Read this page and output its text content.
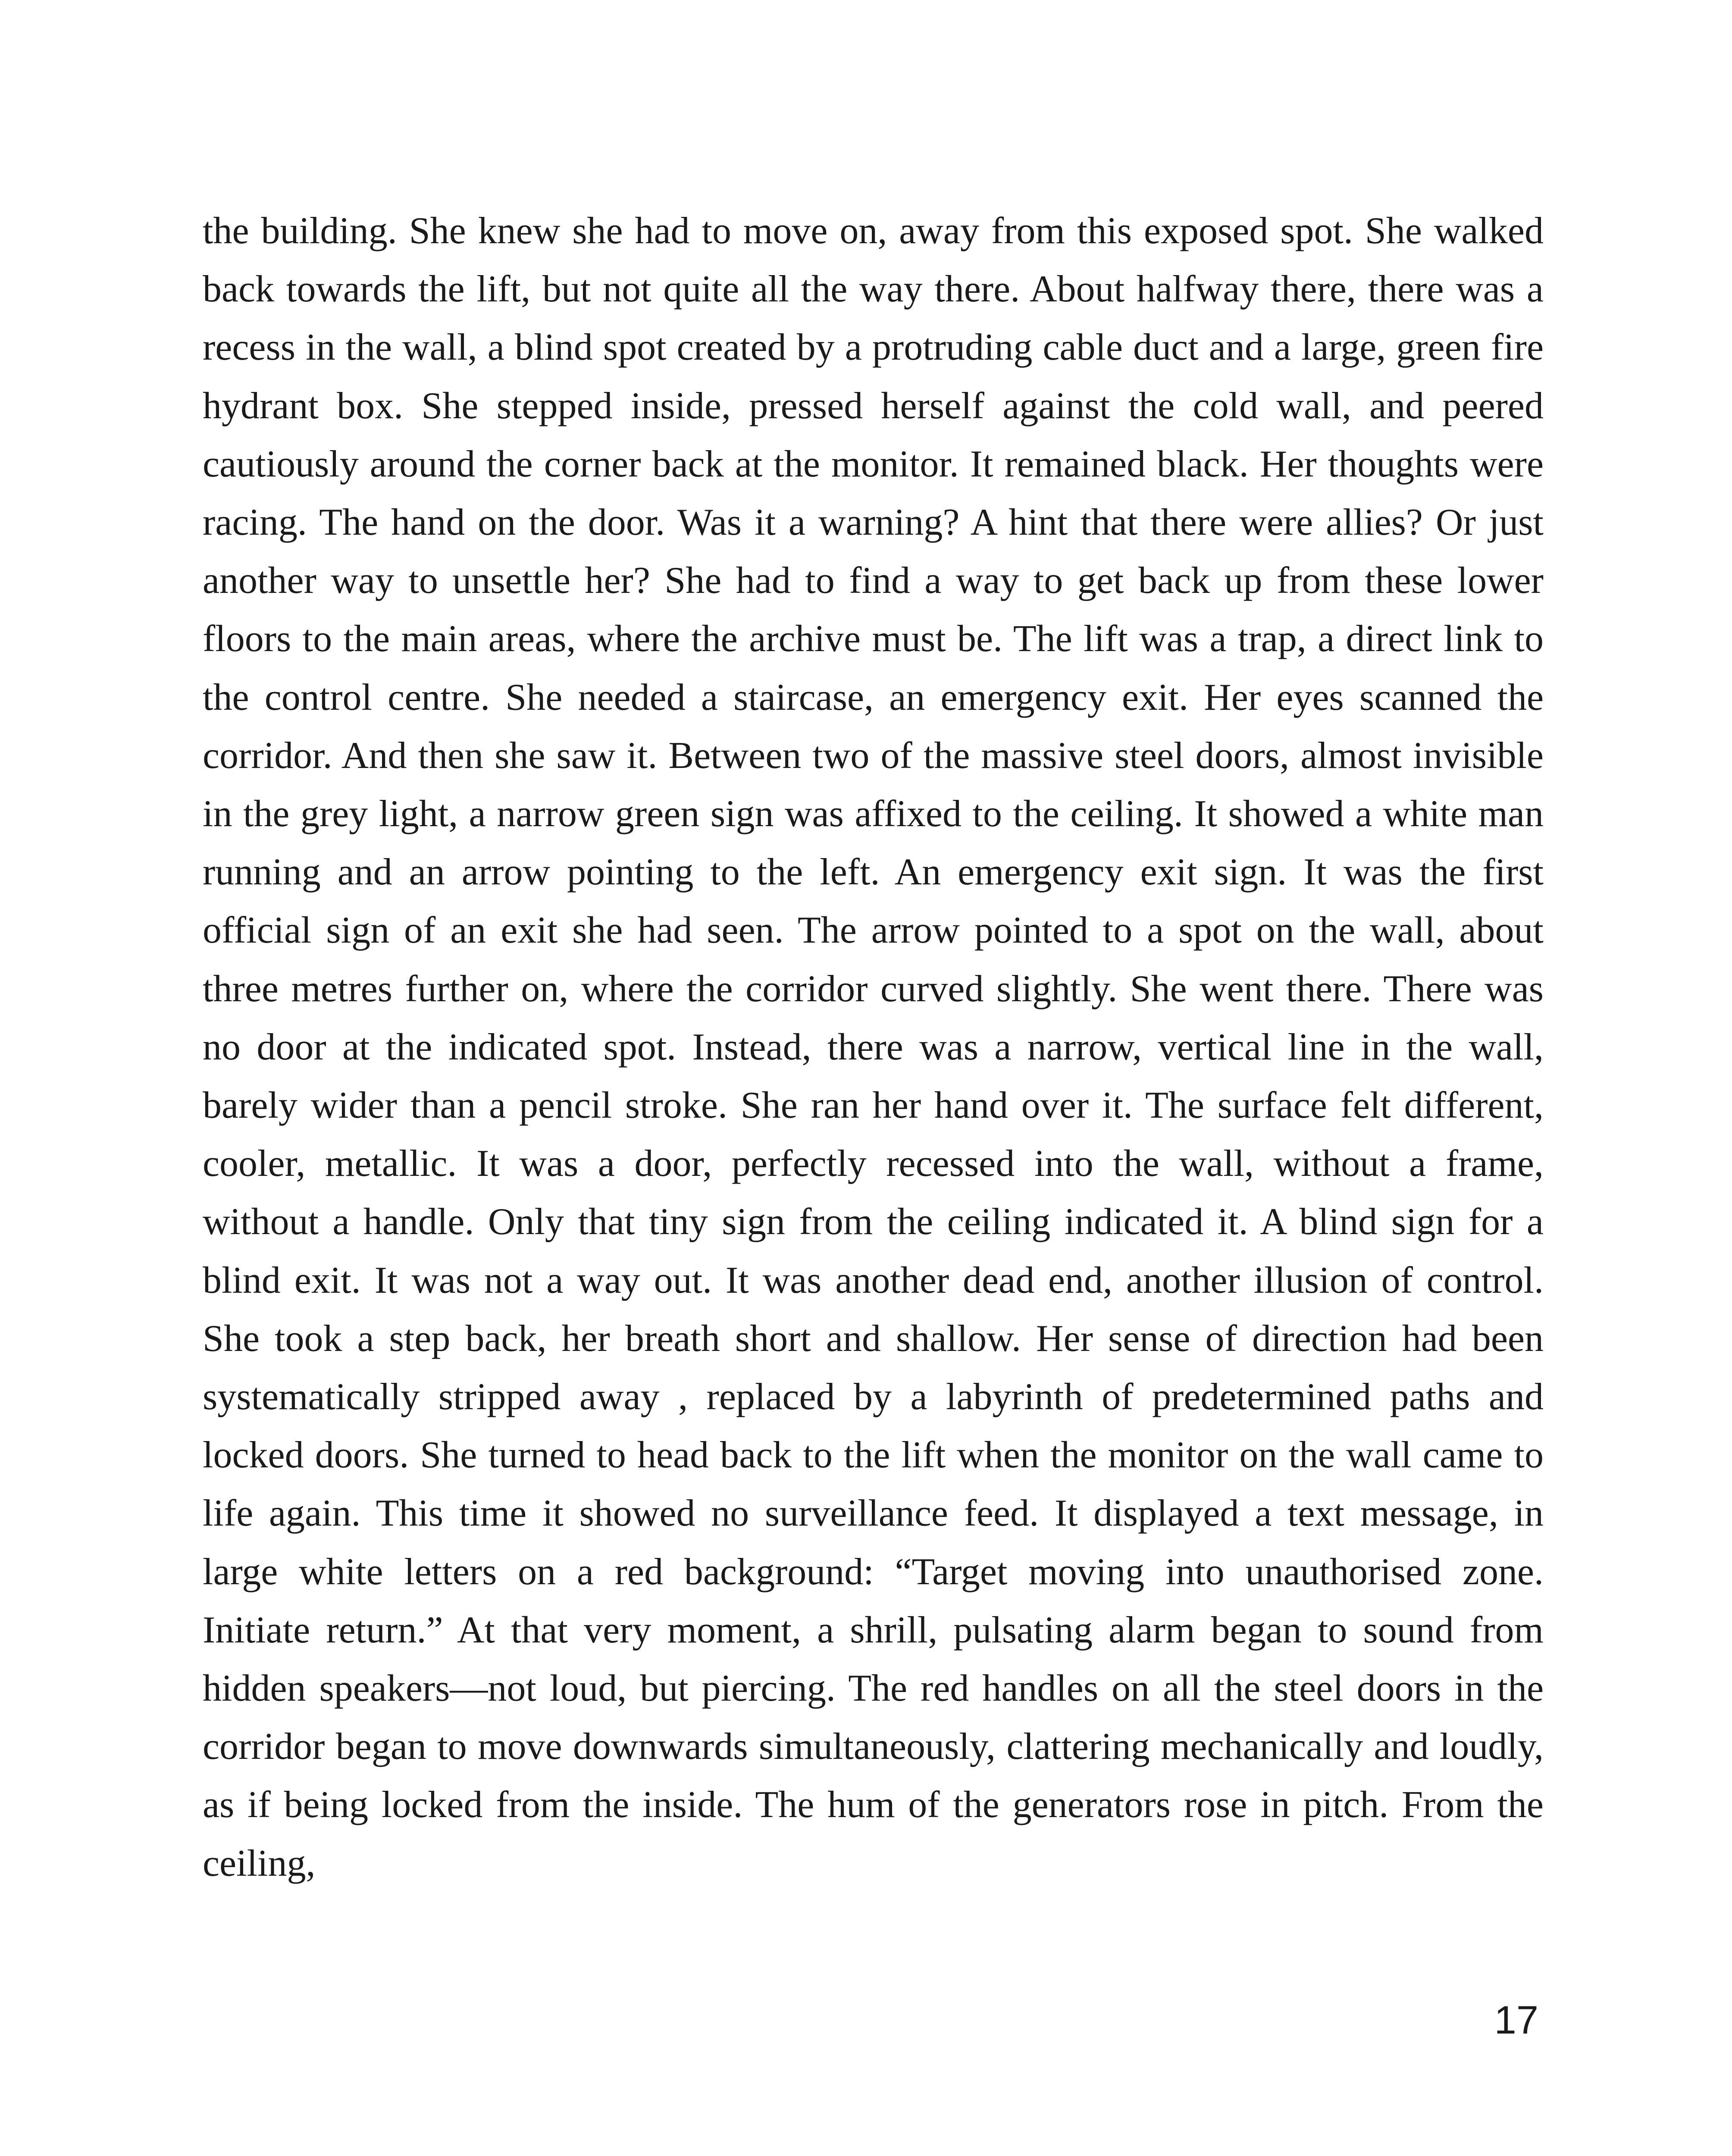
the building. She knew she had to move on, away from this exposed spot. She walked back towards the lift, but not quite all the way there. About halfway there, there was a recess in the wall, a blind spot created by a protruding cable duct and a large, green fire hydrant box. She stepped inside, pressed herself against the cold wall, and peered cautiously around the corner back at the monitor. It remained black. Her thoughts were racing. The hand on the door. Was it a warning? A hint that there were allies? Or just another way to unsettle her? She had to find a way to get back up from these lower floors to the main areas, where the archive must be. The lift was a trap, a direct link to the control centre. She needed a staircase, an emergency exit. Her eyes scanned the corridor. And then she saw it. Between two of the massive steel doors, almost invisible in the grey light, a narrow green sign was affixed to the ceiling. It showed a white man running and an arrow pointing to the left. An emergency exit sign. It was the first official sign of an exit she had seen. The arrow pointed to a spot on the wall, about three metres further on, where the corridor curved slightly. She went there. There was no door at the indicated spot. Instead, there was a narrow, vertical line in the wall, barely wider than a pencil stroke. She ran her hand over it. The surface felt different, cooler, metallic. It was a door, perfectly recessed into the wall, without a frame, without a handle. Only that tiny sign from the ceiling indicated it. A blind sign for a blind exit. It was not a way out. It was another dead end, another illusion of control. She took a step back, her breath short and shallow. Her sense of direction had been systematically stripped away , replaced by a labyrinth of predetermined paths and locked doors. She turned to head back to the lift when the monitor on the wall came to life again. This time it showed no surveillance feed. It displayed a text message, in large white letters on a red background: “Target moving into unauthorised zone. Initiate return.” At that very moment, a shrill, pulsating alarm began to sound from hidden speakers—not loud, but piercing. The red handles on all the steel doors in the corridor began to move downwards simultaneously, clattering mechanically and loudly, as if being locked from the inside. The hum of the generators rose in pitch. From the ceiling,

17
